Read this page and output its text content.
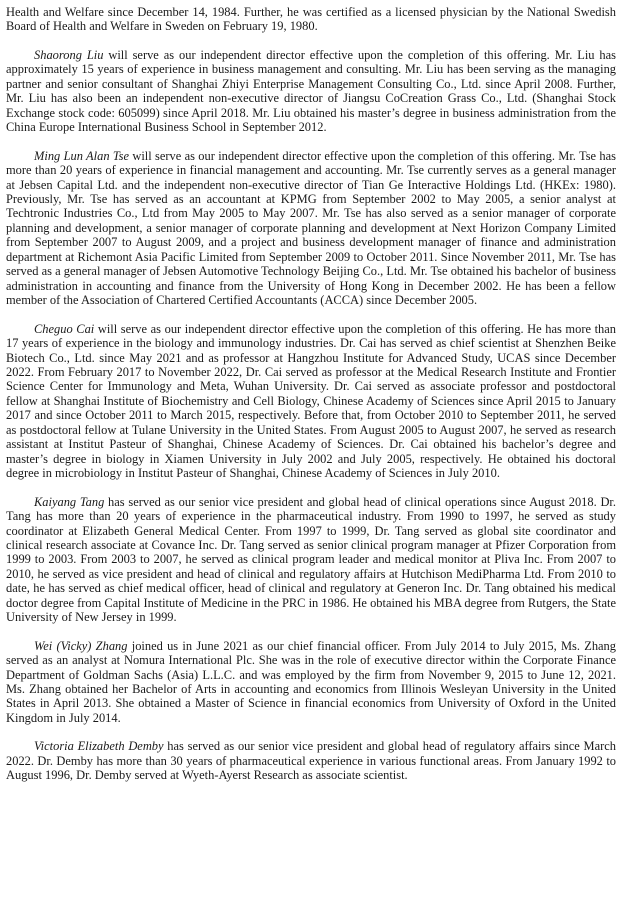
Health and Welfare since December 14, 1984. Further, he was certified as a licensed physician by the National Swedish Board of Health and Welfare in Sweden on February 19, 1980.

Shaorong Liu will serve as our independent director effective upon the completion of this offering. Mr. Liu has approximately 15 years of experience in business management and consulting. Mr. Liu has been serving as the managing partner and senior consultant of Shanghai Zhiyi Enterprise Management Consulting Co., Ltd. since April 2008. Further, Mr. Liu has also been an independent non-executive director of Jiangsu CoCreation Grass Co., Ltd. (Shanghai Stock Exchange stock code: 605099) since April 2018. Mr. Liu obtained his master’s degree in business administration from the China Europe International Business School in September 2012.

Ming Lun Alan Tse will serve as our independent director effective upon the completion of this offering. Mr. Tse has more than 20 years of experience in financial management and accounting. Mr. Tse currently serves as a general manager at Jebsen Capital Ltd. and the independent non-executive director of Tian Ge Interactive Holdings Ltd. (HKEx: 1980). Previously, Mr. Tse has served as an accountant at KPMG from September 2002 to May 2005, a senior analyst at Techtronic Industries Co., Ltd from May 2005 to May 2007. Mr. Tse has also served as a senior manager of corporate planning and development, a senior manager of corporate planning and development at Next Horizon Company Limited from September 2007 to August 2009, and a project and business development manager of finance and administration department at Richemont Asia Pacific Limited from September 2009 to October 2011. Since November 2011, Mr. Tse has served as a general manager of Jebsen Automotive Technology Beijing Co., Ltd. Mr. Tse obtained his bachelor of business administration in accounting and finance from the University of Hong Kong in December 2002. He has been a fellow member of the Association of Chartered Certified Accountants (ACCA) since December 2005.

Cheguo Cai will serve as our independent director effective upon the completion of this offering. He has more than 17 years of experience in the biology and immunology industries. Dr. Cai has served as chief scientist at Shenzhen Beike Biotech Co., Ltd. since May 2021 and as professor at Hangzhou Institute for Advanced Study, UCAS since December 2022. From February 2017 to November 2022, Dr. Cai served as professor at the Medical Research Institute and Frontier Science Center for Immunology and Meta, Wuhan University. Dr. Cai served as associate professor and postdoctoral fellow at Shanghai Institute of Biochemistry and Cell Biology, Chinese Academy of Sciences since April 2015 to January 2017 and since October 2011 to March 2015, respectively. Before that, from October 2010 to September 2011, he served as postdoctoral fellow at Tulane University in the United States. From August 2005 to August 2007, he served as research assistant at Institut Pasteur of Shanghai, Chinese Academy of Sciences. Dr. Cai obtained his bachelor’s degree and master’s degree in biology in Xiamen University in July 2002 and July 2005, respectively. He obtained his doctoral degree in microbiology in Institut Pasteur of Shanghai, Chinese Academy of Sciences in July 2010.

Kaiyang Tang has served as our senior vice president and global head of clinical operations since August 2018. Dr. Tang has more than 20 years of experience in the pharmaceutical industry. From 1990 to 1997, he served as study coordinator at Elizabeth General Medical Center. From 1997 to 1999, Dr. Tang served as global site coordinator and clinical research associate at Covance Inc. Dr. Tang served as senior clinical program manager at Pfizer Corporation from 1999 to 2003. From 2003 to 2007, he served as clinical program leader and medical monitor at Pliva Inc. From 2007 to 2010, he served as vice president and head of clinical and regulatory affairs at Hutchison MediPharma Ltd. From 2010 to date, he has served as chief medical officer, head of clinical and regulatory at Generon Inc. Dr. Tang obtained his medical doctor degree from Capital Institute of Medicine in the PRC in 1986. He obtained his MBA degree from Rutgers, the State University of New Jersey in 1999.

Wei (Vicky) Zhang joined us in June 2021 as our chief financial officer. From July 2014 to July 2015, Ms. Zhang served as an analyst at Nomura International Plc. She was in the role of executive director within the Corporate Finance Department of Goldman Sachs (Asia) L.L.C. and was employed by the firm from November 9, 2015 to June 12, 2021. Ms. Zhang obtained her Bachelor of Arts in accounting and economics from Illinois Wesleyan University in the United States in April 2013. She obtained a Master of Science in financial economics from University of Oxford in the United Kingdom in July 2014.

Victoria Elizabeth Demby has served as our senior vice president and global head of regulatory affairs since March 2022. Dr. Demby has more than 30 years of pharmaceutical experience in various functional areas. From January 1992 to August 1996, Dr. Demby served at Wyeth-Ayerst Research as associate scientist.
